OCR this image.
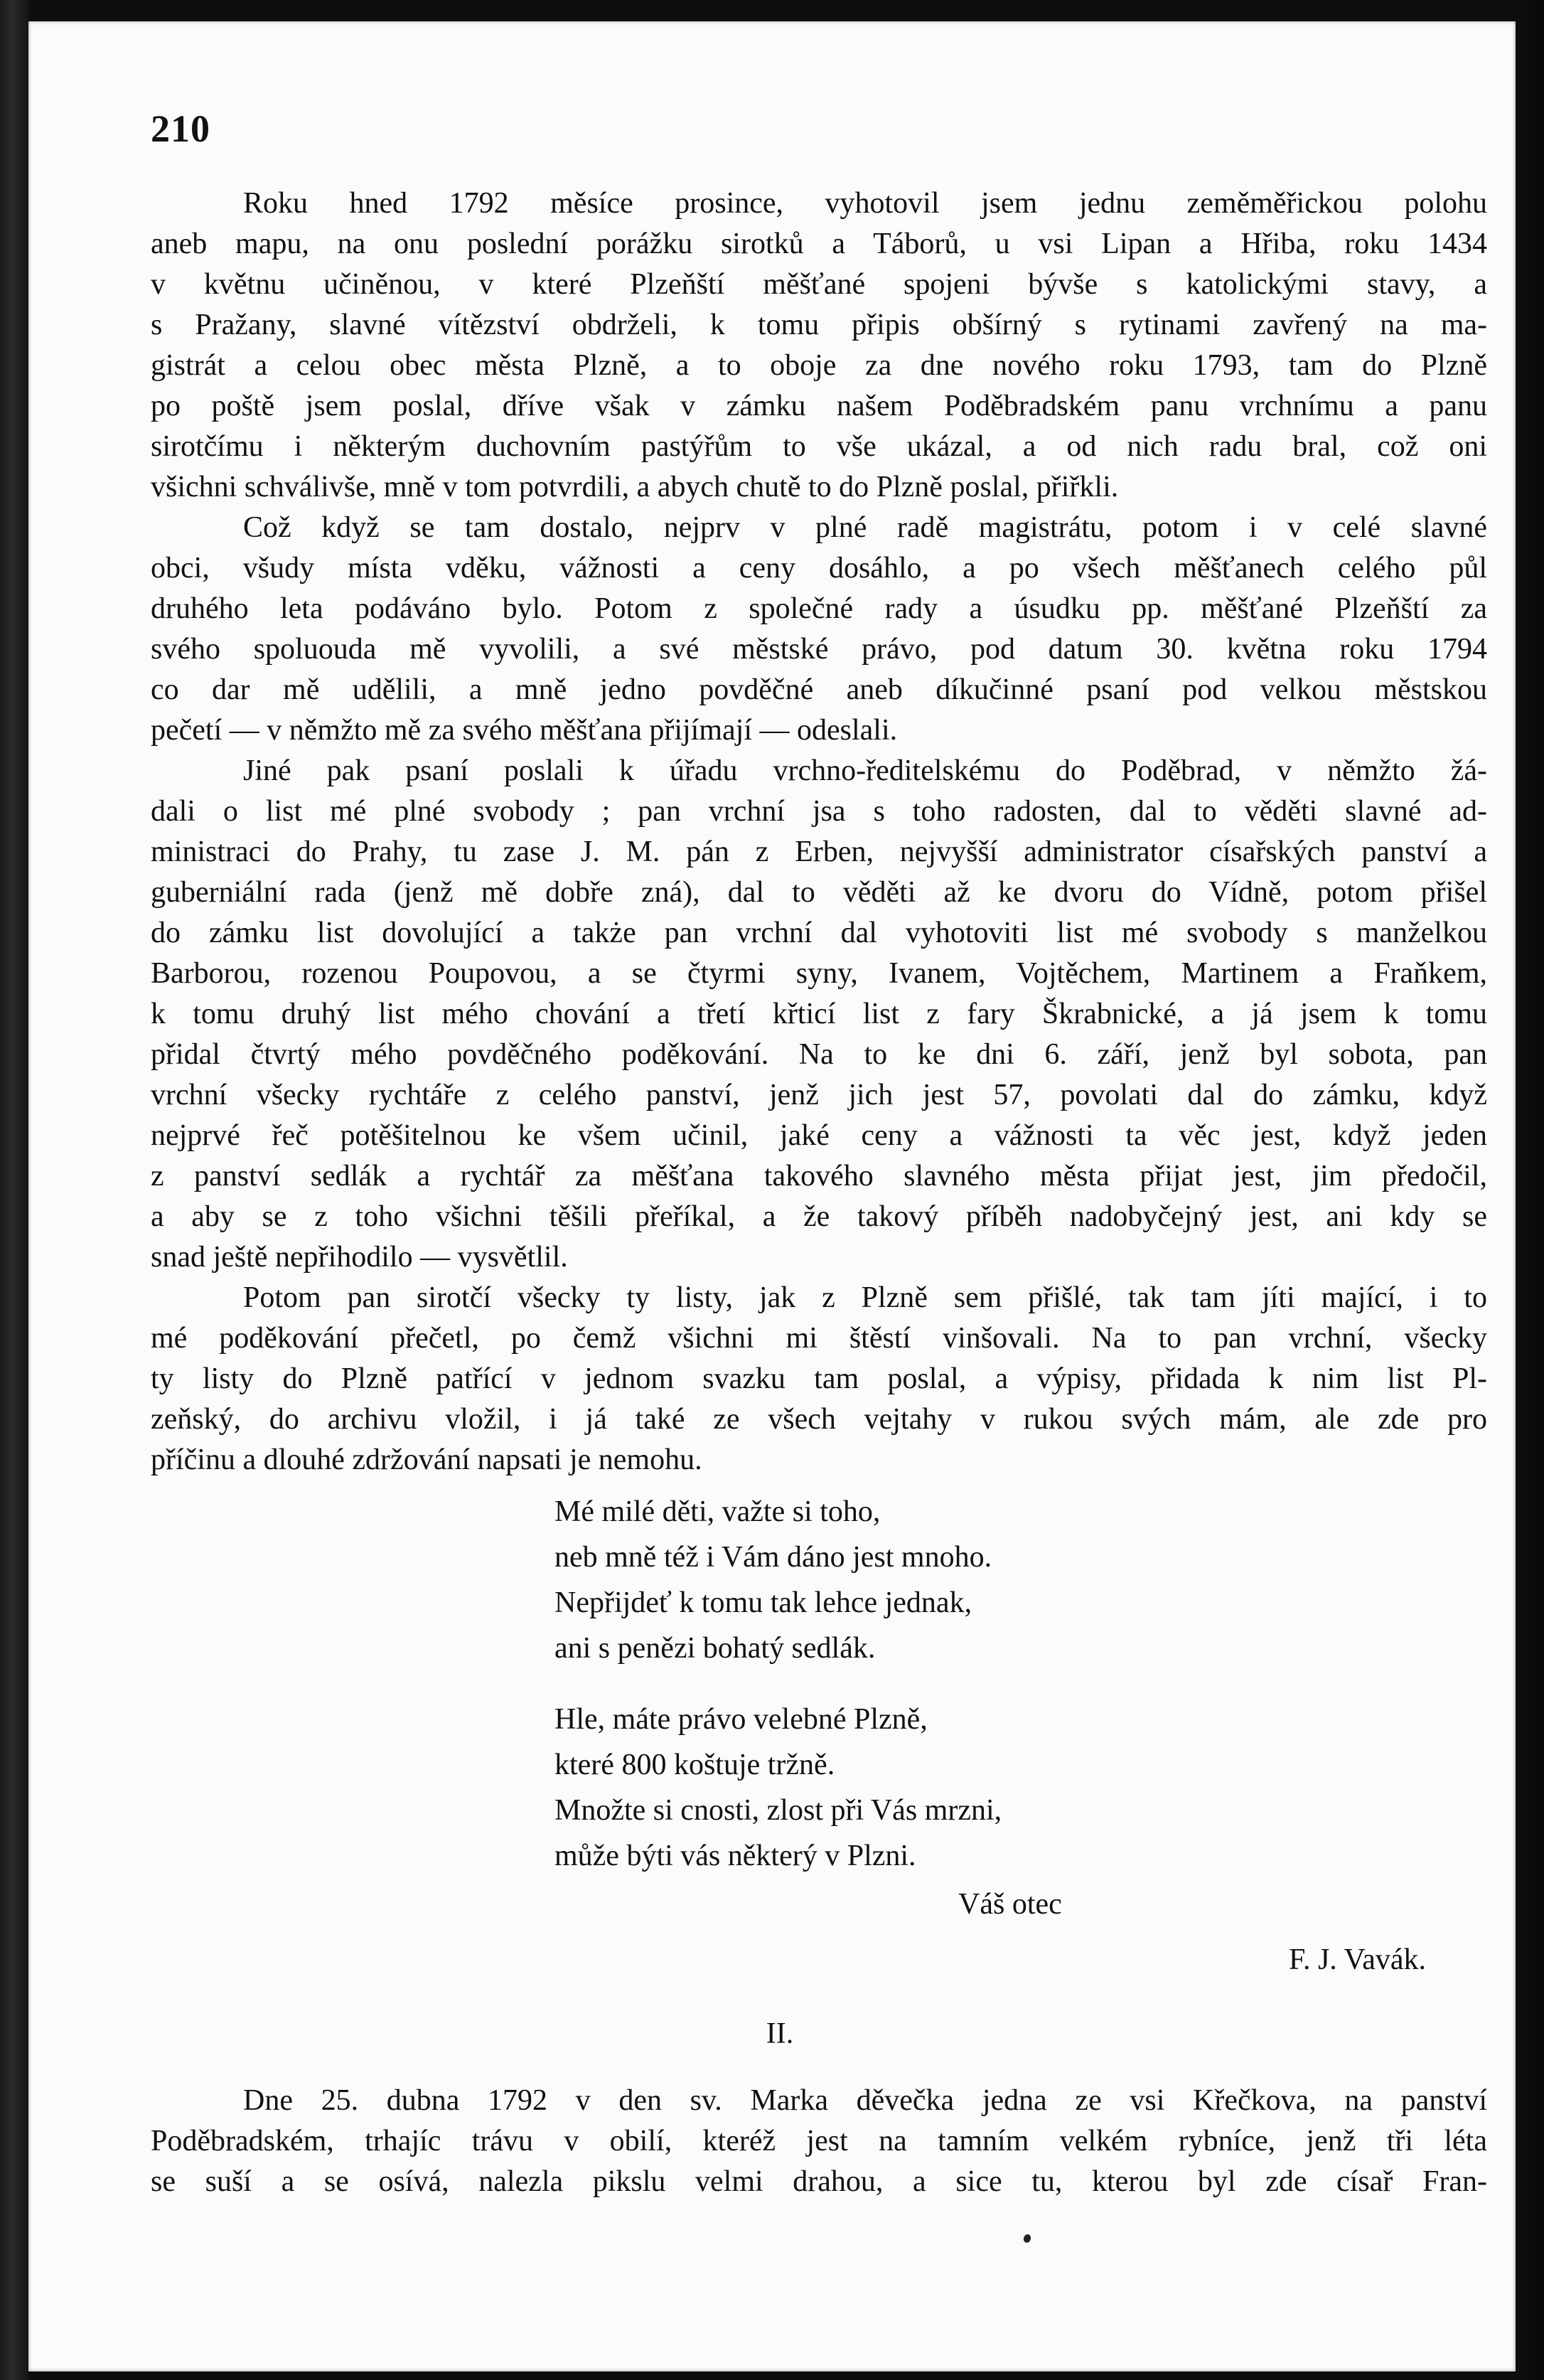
210

Roku hned 1792 měsíce prosince, vyhotovil jsem jednu zeměměřickou polohu
aneb mapu, na onu poslední porážku sirotků a Táborů, u vsi Lipan a Hřiba, roku 1434
v květnu učiněnou, v které Plzeňští měšťané spojeni bývše s katolickými stavy, a
s Pražany, slavné vítězství obdrželi, k tomu připis obšírný s rytinami zavřený na ma-
gistrát a celou obec města Plzně, a to oboje za dne nového roku 1793, tam do Plzně
po poště jsem poslal, dříve však v zámku našem Poděbradském panu vrchnímu a panu
sirotčímu i některým duchovním pastýřům to vše ukázal, a od nich radu bral, což oni
všichni schválivše, mně v tom potvrdili, a abych chutě to do Plzně poslal, přiřkli.

Což když se tam dostalo, nejprv v plné radě magistrátu, potom i v celé slavné
obci, všudy místa vděku, vážnosti a ceny dosáhlo, a po všech měšťanech celého půl
druhého leta podáváno bylo. Potom z společné rady a úsudku pp. měšťané Plzeňští za
svého spoluouda mě vyvolili, a své městské právo, pod datum 30. května roku 1794
co dar mě udělili, a mně jedno povděčné aneb díkučinné psaní pod velkou městskou
pečetí — v němžto mě za svého měšťana přijímají — odeslali.

Jiné pak psaní poslali k úřadu vrchno-ředitelskému do Poděbrad, v němžto žá-
dali o list mé plné svobody ; pan vrchní jsa s toho radosten, dal to věděti slavné ad-
ministraci do Prahy, tu zase J. M. pán z Erben, nejvyšší administrator císařských panství a
guberniální rada (jenž mě dobře zná), dal to věděti až ke dvoru do Vídně, potom přišel
do zámku list dovolující a także pan vrchní dal vyhotoviti list mé svobody s manželkou
Barborou, rozenou Poupovou, a se čtyrmi syny, Ivanem, Vojtěchem, Martinem a Fraňkem,
k tomu druhý list mého chování a třetí křticí list z fary Škrabnické, a já jsem k tomu
přidal čtvrtý mého povděčného poděkování. Na to ke dni 6. září, jenž byl sobota, pan
vrchní všecky rychtáře z celého panství, jenž jich jest 57, povolati dal do zámku, když
nejprvé řeč potěšitelnou ke všem učinil, jaké ceny a vážnosti ta věc jest, když jeden
z panství sedlák a rychtář za měšťana takového slavného města přijat jest, jim předočil,
a aby se z toho všichni těšili přeříkal, a že takový příběh nadobyčejný jest, ani kdy se
snad ještě nepřihodilo — vysvětlil.

Potom pan sirotčí všecky ty listy, jak z Plzně sem přišlé, tak tam jíti mající, i to
mé poděkování přečetl, po čemž všichni mi štěstí vinšovali. Na to pan vrchní, všecky
ty listy do Plzně patřící v jednom svazku tam poslal, a výpisy, přidada k nim list Pl-
zeňský, do archivu vložil, i já také ze všech vejtahy v rukou svých mám, ale zde pro
příčinu a dlouhé zdržování napsati je nemohu.

Mé milé děti, važte si toho,
neb mně též i Vám dáno jest mnoho.
Nepřijdeť k tomu tak lehce jednak,
ani s penězi bohatý sedlák.
Hle, máte právo velebné Plzně,
které 800 koštuje tržně.
Množte si cnosti, zlost při Vás mrzni,
může býti vás některý v Plzni.
Váš otec
F. J. Vavák.
II.

Dne 25. dubna 1792 v den sv. Marka děvečka jedna ze vsi Křečkova, na panství
Poděbradském, trhajíc trávu v obilí, kteréž jest na tamním velkém rybníce, jenž tři léta
se suší a se osívá, nalezla pikslu velmi drahou, a sice tu, kterou byl zde císař Fran-
